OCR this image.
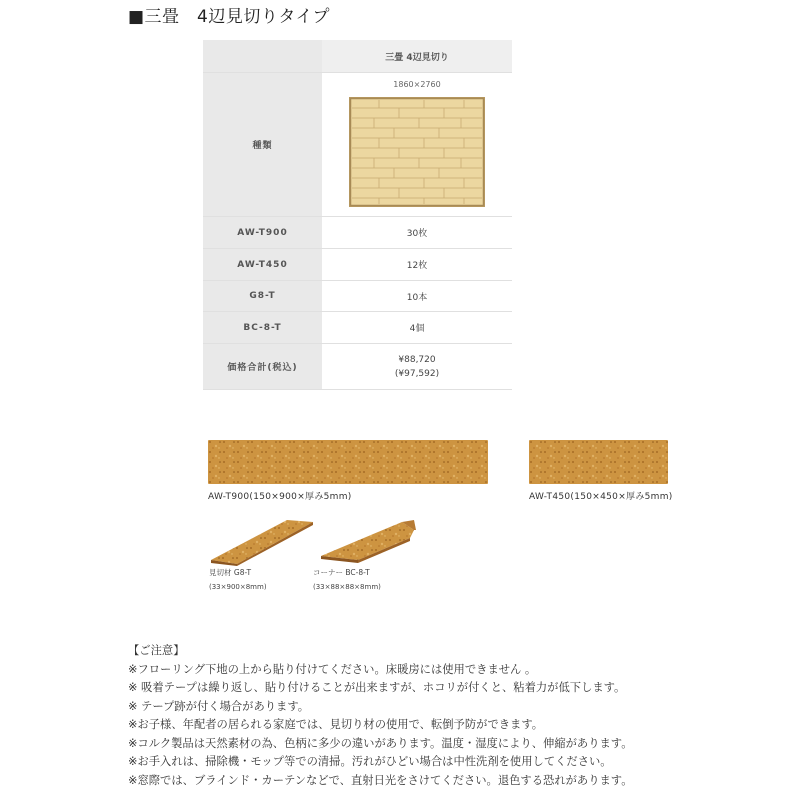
■三畳　4辺見切りタイプ
	三畳 4辺見切り
種類	1860×2760

AW-T900	30枚
AW-T450	12枚
G8-T	10本
BC-8-T	4個
価格合計(税込)	¥88,720
(¥97,592)
AW-T900(150×900×厚み5mm)	AW-T450(150×450×厚み5mm)
見切材 G8-T
(33×900×8mm)
コーナー BC-8-T
(33×88×88×8mm)
【ご注意】
※フローリング下地の上から貼り付けてください。床暖房には使用できません 。
※ 吸着テープは繰り返し、貼り付けることが出来ますが、ホコリが付くと、粘着力が低下します。
※ テープ跡が付く場合があります。
※お子様、年配者の居られる家庭では、見切り材の使用で、転倒予防ができます。
※コルク製品は天然素材の為、色柄に多少の違いがあります。温度・湿度により、伸縮があります。
※お手入れは、掃除機・モップ等での清掃。汚れがひどい場合は中性洗剤を使用してください。
※窓際では、ブラインド・カーテンなどで、直射日光をさけてください。退色する恐れがあります。
